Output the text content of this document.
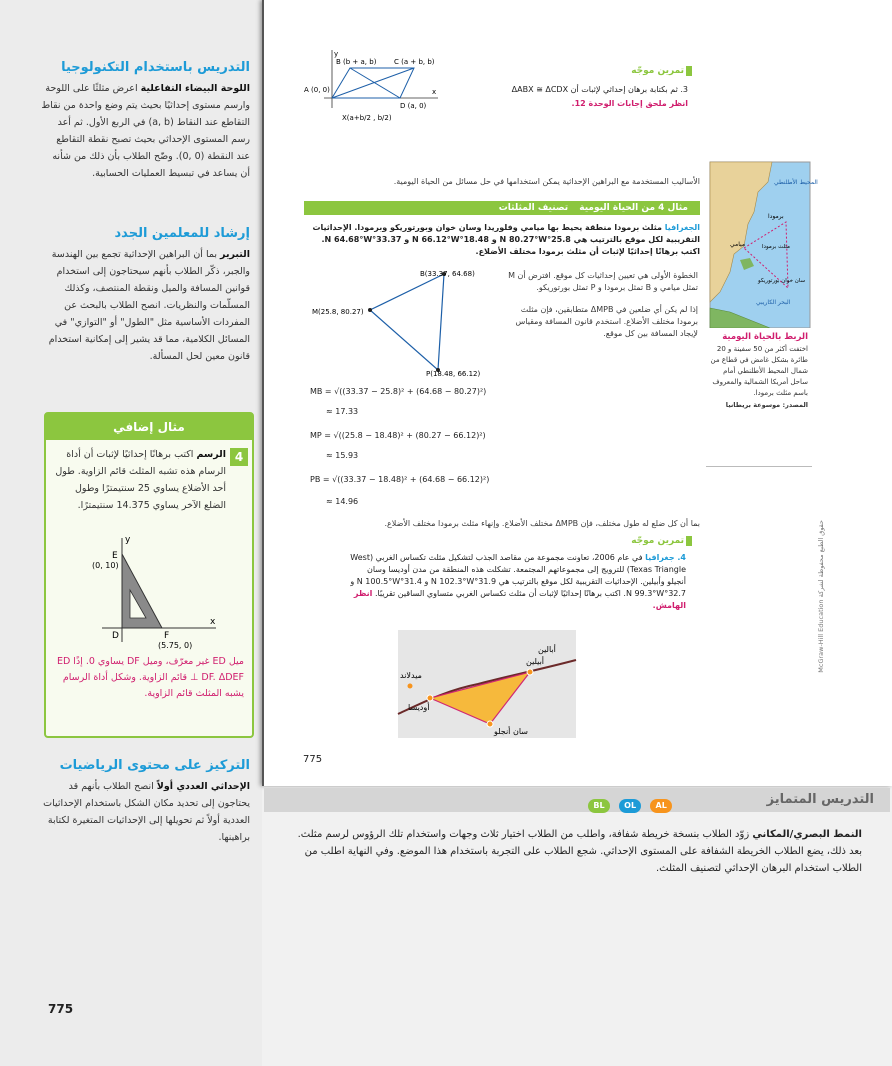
التدريس باستخدام التكنولوجيا
اللوحة البيضاء التفاعلية اعرض مثلثًا على اللوحة وارسم مستوى إحداثيًا بحيث يتم وضع واحدة من نقاط التقاطع عند النقاط (a, b) في الربع الأول. ثم أعد رسم المستوى الإحداثي بحيث تصبح نقطة التقاطع عند النقطة (0 ,0). وضّح الطلاب بأن ذلك من شأنه أن يساعد في تبسيط العمليات الحسابية.
إرشاد للمعلمين الجدد
التبرير بما أن البراهين الإحداثية تجمع بين الهندسة والجبر، ذكّر الطلاب بأنهم سيحتاجون إلى استخدام قوانين المسافة والميل ونقطة المنتصف، وكذلك المسلّمات والنظريات. انصح الطلاب بالبحث عن المفردات الأساسية مثل "الطول" أو "التوازي" في المسائل الكلامية، مما قد يشير إلى إمكانية استخدام قانون معين لحل المسألة.
مثال إضافي
4
الرسم اكتب برهانًا إحداثيًا لإثبات أن أداة الرسام هذه تشبه المثلث قائم الزاوية. طول أحد الأضلاع يساوي 25 سنتيمترًا وطول الضلع الآخر يساوي 14.375 سنتيمترًا.
y
x
E
(0, 10)
D	F
(5.75, 0)
ميل ED غير معرّف، وميل DF يساوي 0. إذًا ED ⊥ DF. ΔDEF قائم الزاوية. وشكل أداة الرسام يشبه المثلث قائم الزاوية.
التركيز على محتوى الرياضيات
الإحداثي العددي أولاً انصح الطلاب بأنهم قد يحتاجون إلى تحديد مكان الشكل باستخدام الإحداثيات العددية أولاً ثم تحويلها إلى الإحداثيات المتغيرة لكتابة براهينها.
775
تمرين موجّه
3. ثم بكتابة برهان إحداثي لإثبات أن ΔABX ≅ ΔCDX
انظر ملحق إجابات الوحدة 12.
y
x
B (b + a, b)	C (a + b, b)
A (0, 0)
D (a, 0)
X(a+b/2 , b/2)
الأساليب المستخدمة مع البراهين الإحداثية يمكن استخدامها في حل مسائل من الحياة اليومية.	المحيط الأطلنطي
برمودا
مثلث برمودا
ميامي
سان خوان بورتوريكو
البحر الكاريبي
الربط بالحياة اليومية
اختفت أكثر من 50 سفينة و 20 طائرة بشكل غامض في قطاع من شمال المحيط الأطلنطي أمام ساحل أمريكا الشمالية والمعروف باسم مثلث برمودا.
المصدر: موسوعة بريطانيا
حقوق الطبع محفوظة لشركة McGraw-Hill Education
مثال 4 من الحياة اليومية تصنيف المثلثات
الجغرافيا مثلث برمودا منطقة يحيط بها ميامي وفلوريدا وسان خوان وبورتوريكو وبرمودا. الإحداثيات التقريبية لكل موقع بالترتيب هي 25.8°N 80.27°W و 18.48°N 66.12°W و 33.37°N 64.68°W. اكتب برهانًا إحداثيًا لإثبات أن مثلث برمودا مختلف الأضلاع.
الخطوة الأولى هي تعيين إحداثيات كل موقع. افترض أن M تمثل ميامي و B تمثل برمودا و P تمثل بورتوريكو.
إذا لم يكن أي ضلعين في ΔMPB متطابقين، فإن مثلث برمودا مختلف الأضلاع. استخدم قانون المسافة ومقياس لإيجاد المسافة بين كل موقع.
B(33.37, 64.68)
M(25.8, 80.27)
P(18.48, 66.12)
MB = √((33.37 − 25.8)² + (64.68 − 80.27)²)
≈ 17.33
MP = √((25.8 − 18.48)² + (80.27 − 66.12)²)
≈ 15.93
PB = √((33.37 − 18.48)² + (64.68 − 66.12)²)
≈ 14.96
بما أن كل ضلع له طول مختلف، فإن ΔMPB مختلف الأضلاع. وإنهاء مثلث برمودا مختلف الأضلاع.
تمرين موجّه
4. جغرافيا في عام 2006، تعاونت مجموعة من مقاصد الجذب لتشكيل مثلث تكساس الغربي (West Texas Triangle) للترويج إلى مجموعاتهم المجتمعة. تشكلت هذه المنطقة من مدن أوديسا وسان أنجيلو وأبيلين. الإحداثيات التقريبية لكل موقع بالترتيب هي 31.9°N 102.3°W و 31.4°N 100.5°W و 32.7°N 99.3°W. اكتب برهانًا إحداثيًا لإثبات أن مثلث تكساس الغربي متساوي الساقين تقريبًا. انظر الهامش.
أبالين
أبيلين
ميدلاند
أوديسا
سان أنجلو
775
التدريس المتمايز
BL OL AL
النمط البصري/المكاني زوّد الطلاب بنسخة خريطة شفافة، واطلب من الطلاب اختيار ثلاث وجهات واستخدام تلك الرؤوس لرسم مثلث. بعد ذلك، يضع الطلاب الخريطة الشفافة على المستوى الإحداثي. شجع الطلاب على التجربة باستخدام هذا الموضع. وفي النهاية اطلب من الطلاب استخدام البرهان الإحداثي لتصنيف المثلث.
